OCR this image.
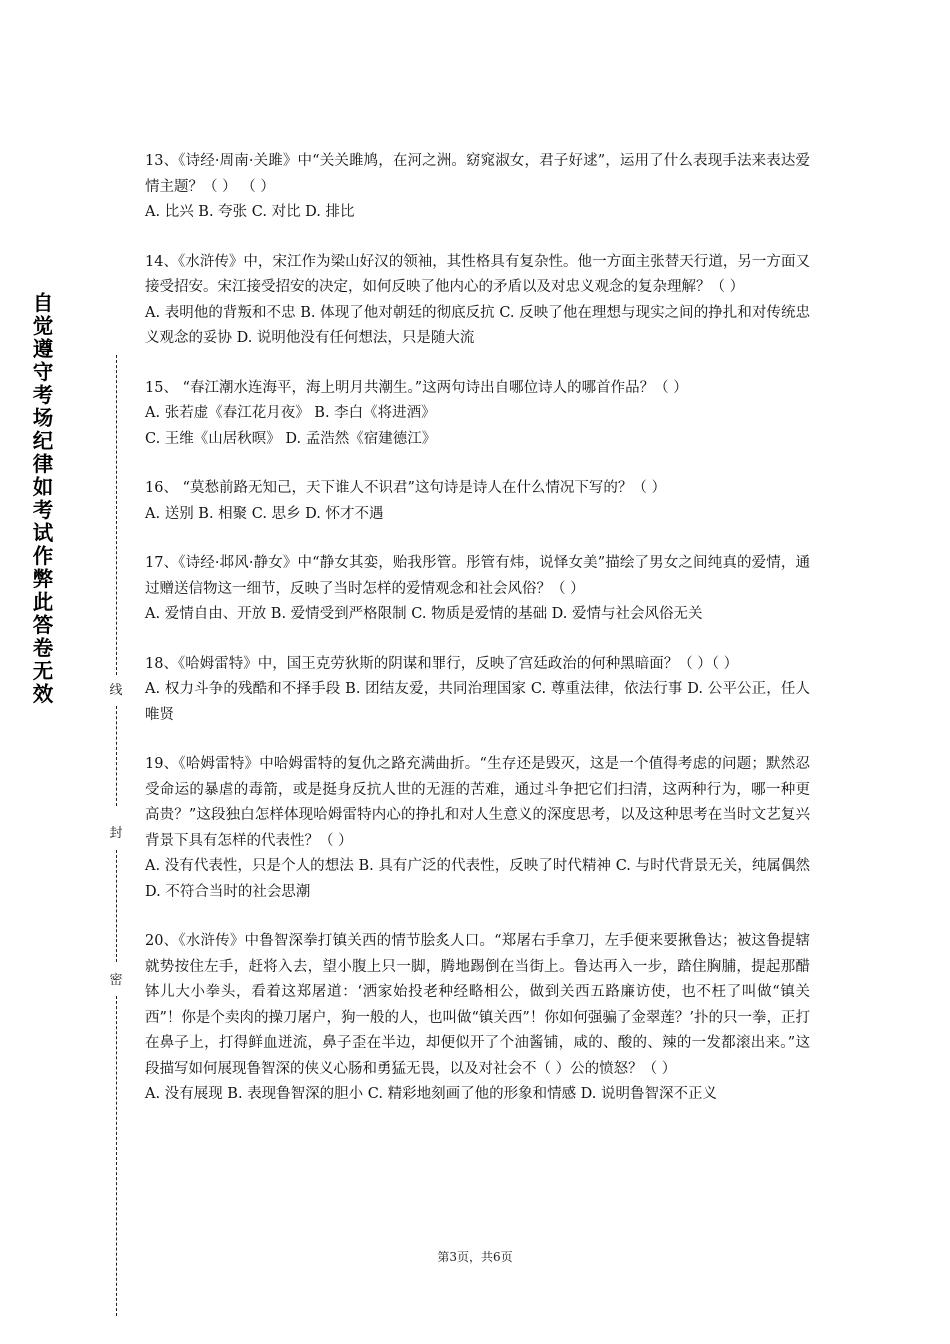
自觉遵守考场纪律如考试作弊此答卷无效	线
封
密

13、《诗经·周南·关雎》中“关关雎鸠，在河之洲。窈窕淑女，君子好逑”，运用了什么表现手法来表达爱情主题？（ ） （ ）

A. 比兴 B. 夸张 C. 对比 D. 排比

14、《水浒传》中，宋江作为梁山好汉的领袖，其性格具有复杂性。他一方面主张替天行道，另一方面又接受招安。宋江接受招安的决定，如何反映了他内心的矛盾以及对忠义观念的复杂理解？（ ）

A. 表明他的背叛和不忠 B. 体现了他对朝廷的彻底反抗 C. 反映了他在理想与现实之间的挣扎和对传统忠义观念的妥协 D. 说明他没有任何想法，只是随大流

15、 “春江潮水连海平，海上明月共潮生。”这两句诗出自哪位诗人的哪首作品？（ ）

A. 张若虚《春江花月夜》 B. 李白《将进酒》

C. 王维《山居秋暝》 D. 孟浩然《宿建德江》

16、 “莫愁前路无知己，天下谁人不识君”这句诗是诗人在什么情况下写的？（ ）

A. 送别 B. 相聚 C. 思乡 D. 怀才不遇

17、《诗经·邶风·静女》中“静女其娈，贻我彤管。彤管有炜，说怿女美”描绘了男女之间纯真的爱情，通过赠送信物这一细节，反映了当时怎样的爱情观念和社会风俗？（ ）

A. 爱情自由、开放 B. 爱情受到严格限制 C. 物质是爱情的基础 D. 爱情与社会风俗无关

18、《哈姆雷特》中，国王克劳狄斯的阴谋和罪行，反映了宫廷政治的何种黑暗面？（ ）（ ）

A. 权力斗争的残酷和不择手段 B. 团结友爱，共同治理国家 C. 尊重法律，依法行事 D. 公平公正，任人唯贤

19、《哈姆雷特》中哈姆雷特的复仇之路充满曲折。“生存还是毁灭，这是一个值得考虑的问题；默然忍受命运的暴虐的毒箭，或是挺身反抗人世的无涯的苦难，通过斗争把它们扫清，这两种行为，哪一种更高贵？”这段独白怎样体现哈姆雷特内心的挣扎和对人生意义的深度思考，以及这种思考在当时文艺复兴背景下具有怎样的代表性？（ ）

A. 没有代表性，只是个人的想法 B. 具有广泛的代表性，反映了时代精神 C. 与时代背景无关，纯属偶然 D. 不符合当时的社会思潮

20、《水浒传》中鲁智深拳打镇关西的情节脍炙人口。“郑屠右手拿刀，左手便来要揪鲁达；被这鲁提辖就势按住左手，赶将入去，望小腹上只一脚，腾地踢倒在当街上。鲁达再入一步，踏住胸脯，提起那醋钵儿大小拳头，看着这郑屠道：‘洒家始投老种经略相公，做到关西五路廉访使，也不枉了叫做“镇关西”！你是个卖肉的操刀屠户，狗一般的人，也叫做“镇关西”！你如何强骗了金翠莲？’扑的只一拳，正打在鼻子上，打得鲜血迸流，鼻子歪在半边，却便似开了个油酱铺，咸的、酸的、辣的一发都滚出来。”这段描写如何展现鲁智深的侠义心肠和勇猛无畏，以及对社会不（ ）公的愤怒？（ ）

A. 没有展现 B. 表现鲁智深的胆小 C. 精彩地刻画了他的形象和情感 D. 说明鲁智深不正义

第3页，共6页
